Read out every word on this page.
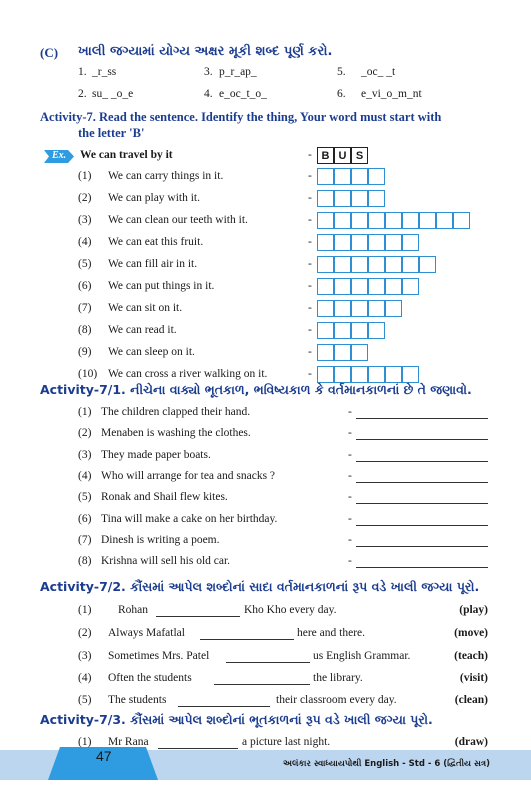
(C) ખાલી જગ્યામાં યોગ્ય અક્ષર મૂકી શબ્દ પૂર્ણ કરો.
1. _r_ss	3. p_r_ap_	5. _oc_ _t
2. su_ _o_e	4. e_oc_t_o_	6. e_vi_o_m_nt
Activity-7. Read the sentence. Identify the thing, Your word must start with
the letter 'B'
Ex. We can travel by it	- B U S
(1) We can carry things in it.	-
(2) We can play with it.	-
(3) We can clean our teeth with it.	-
(4) We can eat this fruit.	-
(5) We can fill air in it.	-
(6) We can put things in it.	-
(7) We can sit on it.	-
(8) We can read it.	-
(9) We can sleep on it.	-
(10) We can cross a river walking on it.	-
Activity-7/1. નીચેના વાક્યો ભૂતકાળ, ભવિષ્યકાળ કે વર્તમાનકાળનાં છે તે જણાવો.
(1) The children clapped their hand.	-
(2) Menaben is washing the clothes.	-
(3) They made paper boats.	-
(4) Who will arrange for tea and snacks ?	-
(5) Ronak and Shail flew kites.	-
(6) Tina will make a cake on her birthday.	-
(7) Dinesh is writing a poem.	-
(8) Krishna will sell his old car.	-
Activity-7/2. કૌંસમાં આપેલ શબ્દોનાં સાદા વર્તમાનકાળનાં રૂપ વડે ખાલી જગ્યા પૂરો.
(1) Rohan	Kho Kho every day.	(play)
(2) Always Mafatlal	here and there.	(move)
(3) Sometimes Mrs. Patel	us English Grammar.	(teach)
(4) Often the students	the library.	(visit)
(5) The students	their classroom every day.	(clean)
Activity-7/3. કૌંસમાં આપેલ શબ્દોનાં ભૂતકાળનાં રૂપ વડે ખાલી જગ્યા પૂરો.
47	અલંકાર સ્વાધ્યાયપોથી English - Std - 6 (દ્વિતીય સત્ર)
(1) Mr Rana	a picture last night.	(draw)
